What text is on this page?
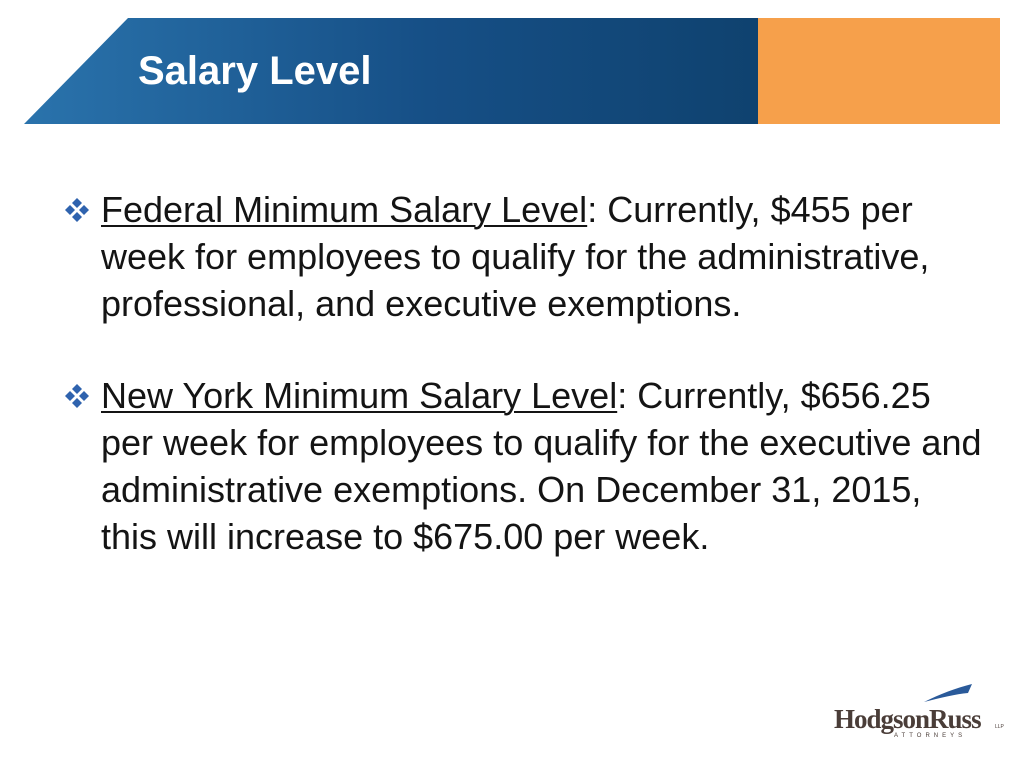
Salary Level
Federal Minimum Salary Level: Currently, $455 per week for employees to qualify for the administrative, professional, and executive exemptions.
New York Minimum Salary Level: Currently, $656.25 per week for employees to qualify for the executive and administrative exemptions. On December 31, 2015, this will increase to $675.00 per week.
HodgsonRuss	LLP
ATTORNEYS
